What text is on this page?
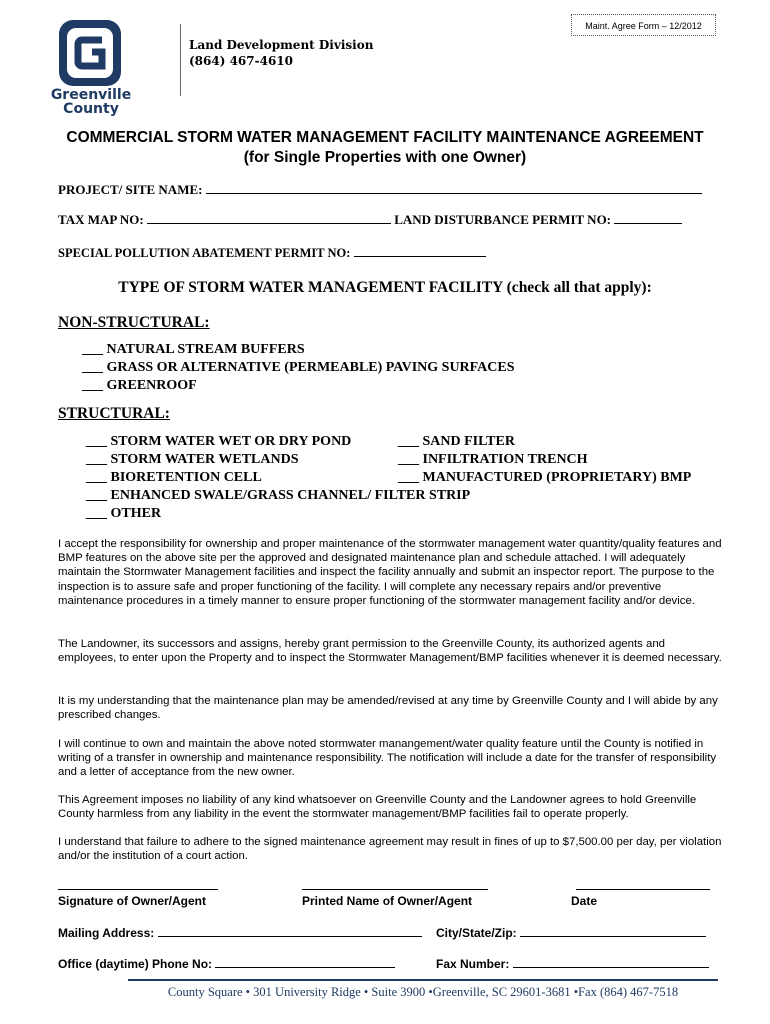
Greenville
County
Land Development Division
(864) 467-4610
Maint. Agree Form – 12/2012
COMMERCIAL STORM WATER MANAGEMENT FACILITY MAINTENANCE AGREEMENT
(for Single Properties with one Owner)
PROJECT/ SITE NAME:
TAX MAP NO:	LAND DISTURBANCE PERMIT NO:
SPECIAL POLLUTION ABATEMENT PERMIT NO:
TYPE OF STORM WATER MANAGEMENT FACILITY (check all that apply):
NON-STRUCTURAL:
___ NATURAL STREAM BUFFERS
___ GRASS OR ALTERNATIVE (PERMEABLE) PAVING SURFACES
___ GREENROOF
STRUCTURAL:
___ STORM WATER WET OR DRY POND
___ STORM WATER WETLANDS
___ BIORETENTION CELL
___ ENHANCED SWALE/GRASS CHANNEL/ FILTER STRIP
___ OTHER
___ SAND FILTER
___ INFILTRATION TRENCH
___ MANUFACTURED (PROPRIETARY) BMP
I accept the responsibility for ownership and proper maintenance of the stormwater management water quantity/quality features and BMP features on the above site per the approved and designated maintenance plan and schedule attached. I will adequately maintain the Stormwater Management facilities and inspect the facility annually and submit an inspector report. The purpose to the inspection is to assure safe and proper functioning of the facility. I will complete any necessary repairs and/or preventive maintenance procedures in a timely manner to ensure proper functioning of the stormwater management facility and/or device.
The Landowner, its successors and assigns, hereby grant permission to the Greenville County, its authorized agents and employees, to enter upon the Property and to inspect the Stormwater Management/BMP facilities whenever it is deemed necessary.
It is my understanding that the maintenance plan may be amended/revised at any time by Greenville County and I will abide by any prescribed changes.
I will continue to own and maintain the above noted stormwater manangement/water quality feature until the County is notified in writing of a transfer in ownership and maintenance responsibility. The notification will include a date for the transfer of responsibility and a letter of acceptance from the new owner.
This Agreement imposes no liability of any kind whatsoever on Greenville County and the Landowner agrees to hold Greenville County harmless from any liability in the event the stormwater management/BMP facilities fail to operate properly.
I understand that failure to adhere to the signed maintenance agreement may result in fines of up to $7,500.00 per day, per violation and/or the institution of a court action.
Signature of Owner/Agent	Printed Name of Owner/Agent	Date
Mailing Address:	City/State/Zip:
Office (daytime) Phone No:	Fax Number:
County Square • 301 University Ridge • Suite 3900 •Greenville, SC 29601-3681 •Fax (864) 467-7518
